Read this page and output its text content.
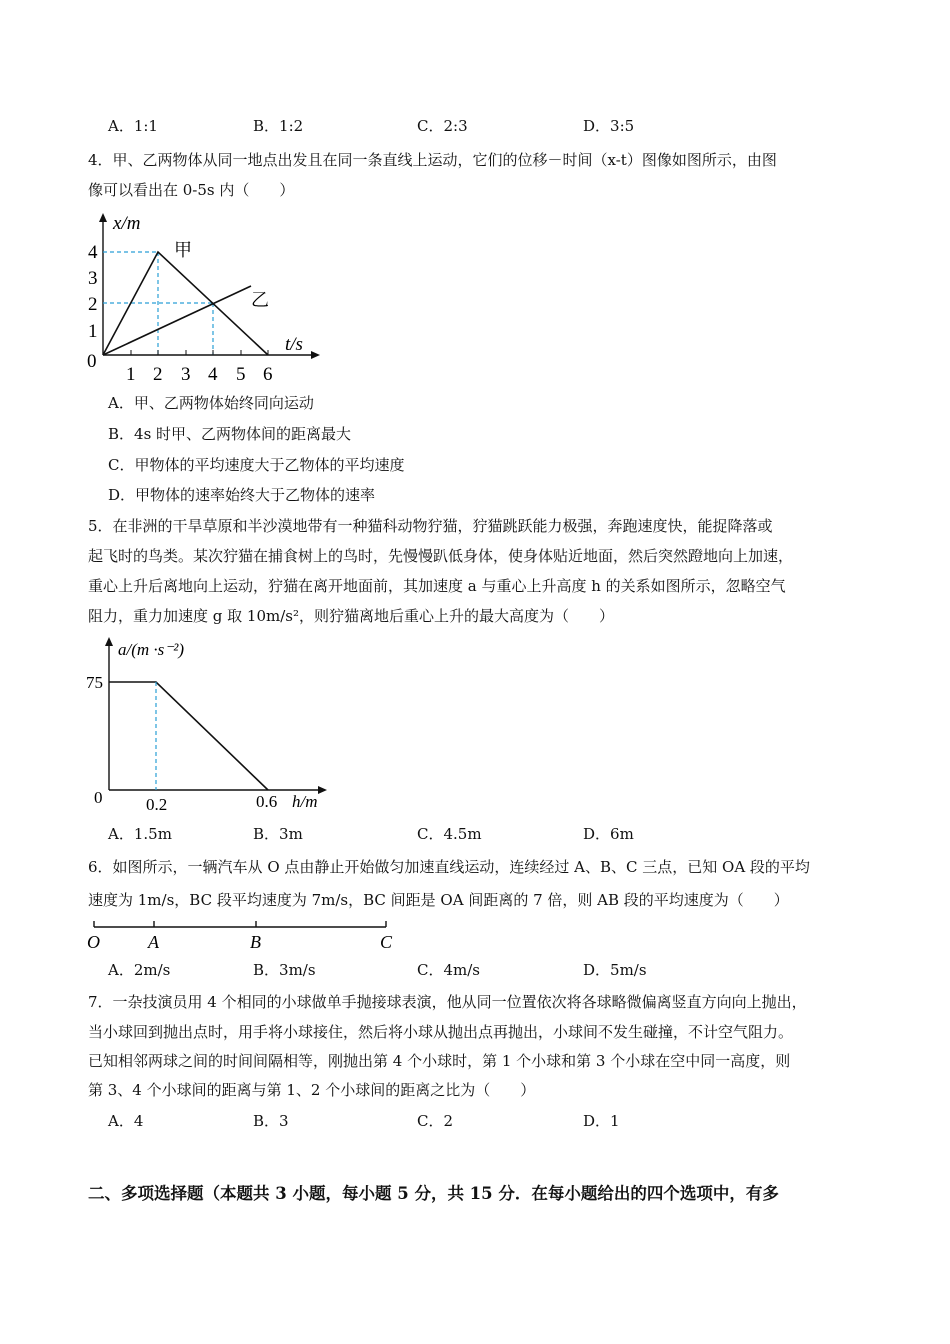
A．1:1	B．1:2	C．2:3	D．3:5
4．甲、乙两物体从同一地点出发且在同一条直线上运动，它们的位移－时间（x-t）图像如图所示，由图
像可以看出在 0-5s 内（　　）
x/m
t/s
0
1
2
3
4
1 2 3 4 5 6
甲
乙
A．甲、乙两物体始终同向运动
B．4s 时甲、乙两物体间的距离最大
C．甲物体的平均速度大于乙物体的平均速度
D．甲物体的速率始终大于乙物体的速率
5．在非洲的干旱草原和半沙漠地带有一种猫科动物狞猫，狞猫跳跃能力极强，奔跑速度快，能捉降落或
起飞时的鸟类。某次狞猫在捕食树上的鸟时，先慢慢趴低身体，使身体贴近地面，然后突然蹬地向上加速，
重心上升后离地向上运动，狞猫在离开地面前，其加速度 a 与重心上升高度 h 的关系如图所示，忽略空气
阻力，重力加速度 g 取 10m/s²，则狞猫离地后重心上升的最大高度为（　　）
a/(m ·s⁻²)
75
0	0.2	0.6 h/m
A．1.5m	B．3m	C．4.5m	D．6m
6．如图所示，一辆汽车从 O 点由静止开始做匀加速直线运动，连续经过 A、B、C 三点，已知 OA 段的平均
速度为 1m/s，BC 段平均速度为 7m/s，BC 间距是 OA 间距离的 7 倍，则 AB 段的平均速度为（　　）
O	A	B	C
A．2m/s	B．3m/s	C．4m/s	D．5m/s
7．一杂技演员用 4 个相同的小球做单手抛接球表演，他从同一位置依次将各球略微偏离竖直方向向上抛出，
当小球回到抛出点时，用手将小球接住，然后将小球从抛出点再抛出，小球间不发生碰撞，不计空气阻力。
已知相邻两球之间的时间间隔相等，刚抛出第 4 个小球时，第 1 个小球和第 3 个小球在空中同一高度，则
第 3、4 个小球间的距离与第 1、2 个小球间的距离之比为（　　）
A．4	B．3	C．2	D．1
二、多项选择题（本题共 3 小题，每小题 5 分，共 15 分．在每小题给出的四个选项中，有多
